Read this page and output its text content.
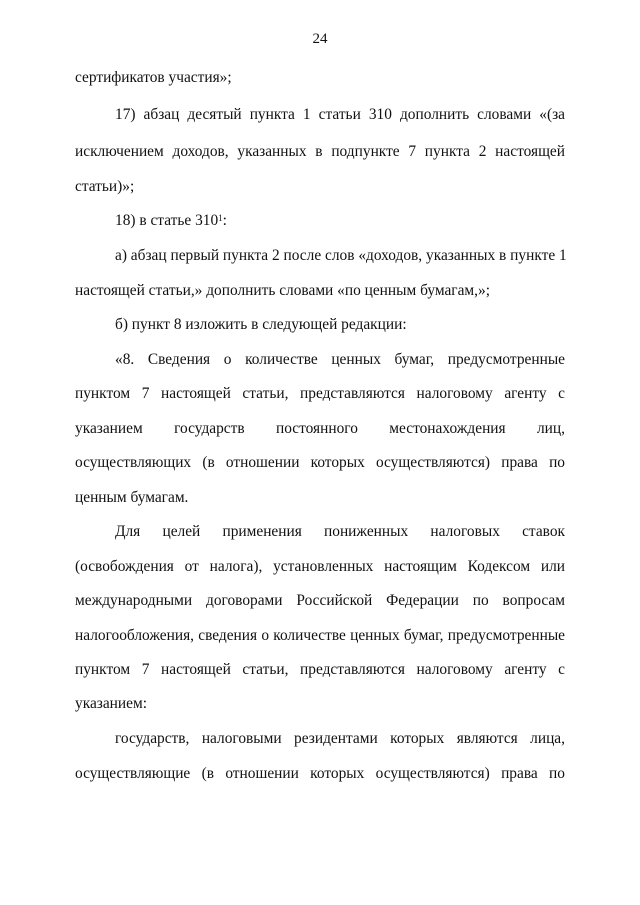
24
сертификатов участия»;
17) абзац десятый пункта 1 статьи 310 дополнить словами «(за
исключением доходов, указанных в подпункте 7 пункта 2 настоящей
статьи)»;
18) в статье $310^1$:
а) абзац первый пункта 2 после слов «доходов, указанных в пункте 1
настоящей статьи,» дополнить словами «по ценным бумагам,»;
б) пункт 8 изложить в следующей редакции:
«8. Сведения о количестве ценных бумаг, предусмотренные
пунктом 7 настоящей статьи, представляются налоговому агенту с
указанием государств постоянного местонахождения лиц,
осуществляющих (в отношении которых осуществляются) права по
ценным бумагам.
Для целей применения пониженных налоговых ставок
(освобождения от налога), установленных настоящим Кодексом или
международными договорами Российской Федерации по вопросам
налогообложения, сведения о количестве ценных бумаг, предусмотренные
пунктом 7 настоящей статьи, представляются налоговому агенту с
указанием:
государств, налоговыми резидентами которых являются лица,
осуществляющие (в отношении которых осуществляются) права по
